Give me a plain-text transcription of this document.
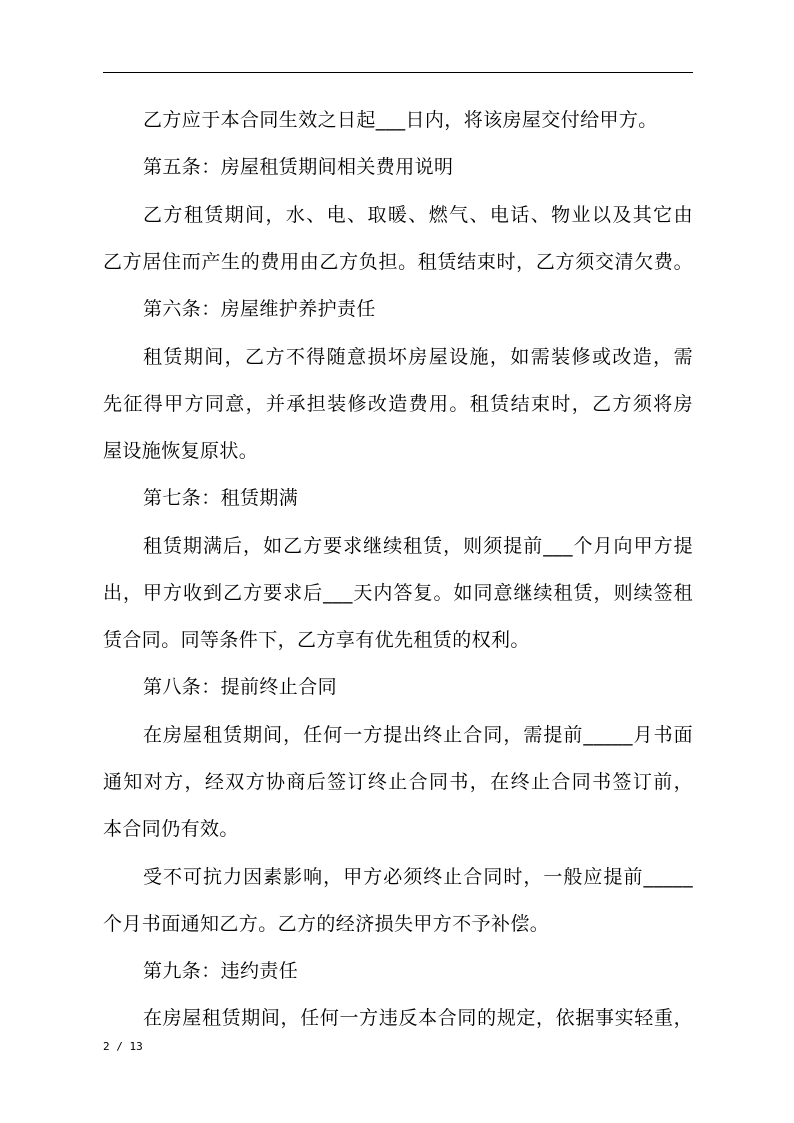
乙方应于本合同生效之日起___日内，将该房屋交付给甲方。
第五条：房屋租赁期间相关费用说明
乙方租赁期间，水、电、取暖、燃气、电话、物业以及其它由
乙方居住而产生的费用由乙方负担。租赁结束时，乙方须交清欠费。
第六条：房屋维护养护责任
租赁期间，乙方不得随意损坏房屋设施，如需装修或改造，需
先征得甲方同意，并承担装修改造费用。租赁结束时，乙方须将房
屋设施恢复原状。
第七条：租赁期满
租赁期满后，如乙方要求继续租赁，则须提前___个月向甲方提
出，甲方收到乙方要求后___天内答复。如同意继续租赁，则续签租
赁合同。同等条件下，乙方享有优先租赁的权利。
第八条：提前终止合同
在房屋租赁期间，任何一方提出终止合同，需提前_____月书面
通知对方，经双方协商后签订终止合同书，在终止合同书签订前，
本合同仍有效。
受不可抗力因素影响，甲方必须终止合同时，一般应提前_____
个月书面通知乙方。乙方的经济损失甲方不予补偿。
第九条：违约责任
在房屋租赁期间，任何一方违反本合同的规定，依据事实轻重，
2 / 13
